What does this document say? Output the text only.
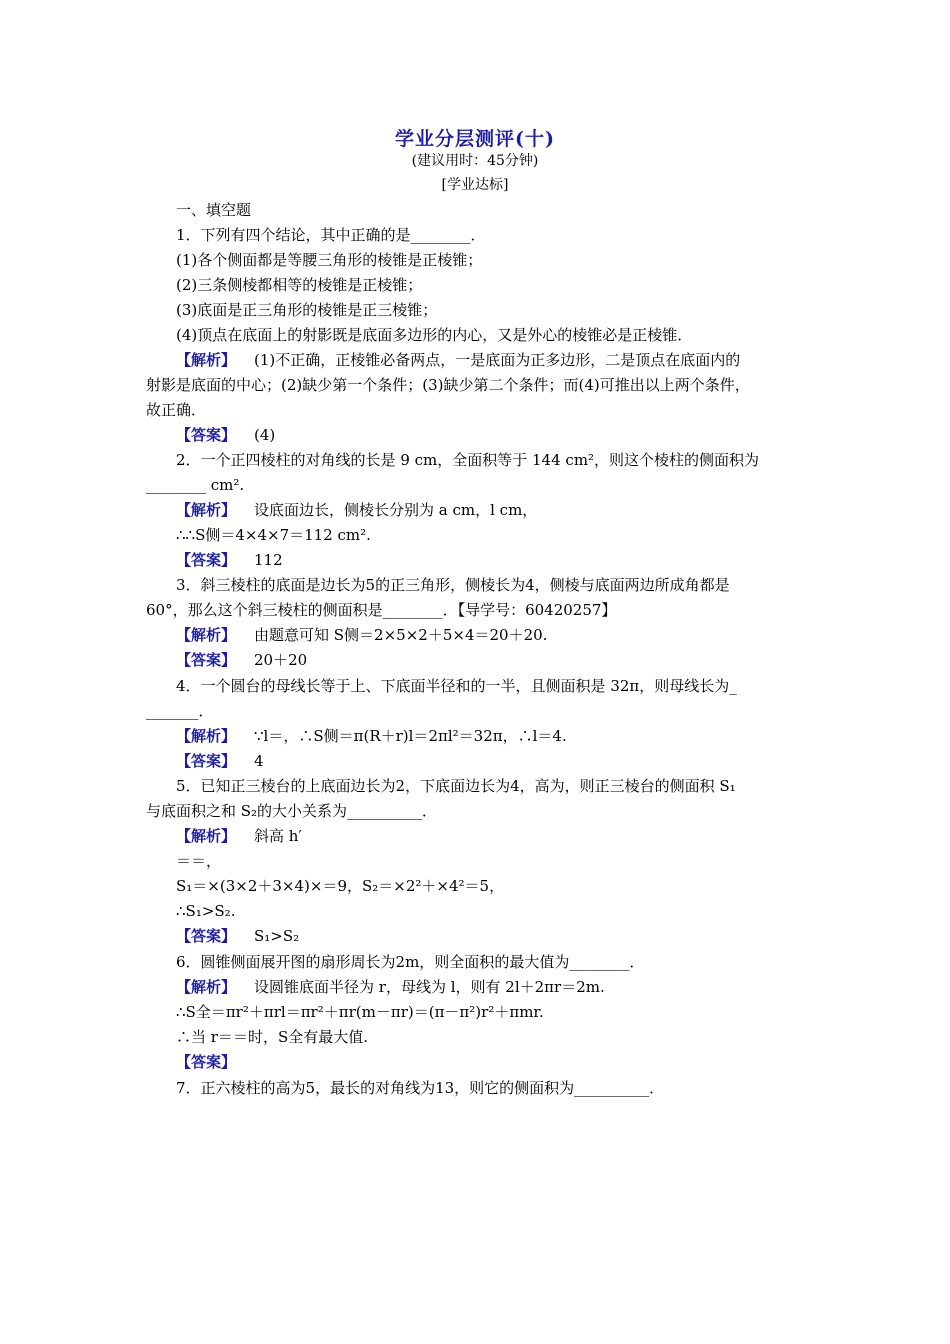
学业分层测评(十)
(建议用时：45分钟)
[学业达标]
一、填空题
1．下列有四个结论，其中正确的是________．
(1)各个侧面都是等腰三角形的棱锥是正棱锥；
(2)三条侧棱都相等的棱锥是正棱锥；
(3)底面是正三角形的棱锥是正三棱锥；
(4)顶点在底面上的射影既是底面多边形的内心，又是外心的棱锥必是正棱锥．
【解析】 (1)不正确，正棱锥必备两点，一是底面为正多边形，二是顶点在底面内的
射影是底面的中心；(2)缺少第一个条件；(3)缺少第二个条件；而(4)可推出以上两个条件，
故正确．
【答案】 (4)
2．一个正四棱柱的对角线的长是 9 cm，全面积等于 144 cm²，则这个棱柱的侧面积为
________ cm².
【解析】 设底面边长，侧棱长分别为 a cm，l cm，
∴∴S侧＝4×4×7＝112 cm².
【答案】 112
3．斜三棱柱的底面是边长为5的正三角形，侧棱长为4，侧棱与底面两边所成角都是
60°，那么这个斜三棱柱的侧面积是________．【导学号：60420257】
【解析】 由题意可知 S侧＝2×5×2＋5×4＝20＋20.
【答案】 20＋20
4．一个圆台的母线长等于上、下底面半径和的一半，且侧面积是 32π，则母线长为_
_______．
【解析】 ∵l＝，∴S侧＝π(R＋r)l＝2πl²＝32π，∴l＝4.
【答案】 4
5．已知正三棱台的上底面边长为2，下底面边长为4，高为，则正三棱台的侧面积 S₁
与底面积之和 S₂的大小关系为__________．
【解析】 斜高 h′
＝＝，
S₁＝×(3×2＋3×4)×＝9，S₂＝×2²＋×4²＝5，
∴S₁>S₂.
【答案】 S₁>S₂
6．圆锥侧面展开图的扇形周长为2m，则全面积的最大值为________．
【解析】 设圆锥底面半径为 r，母线为 l，则有 2l＋2πr＝2m.
∴S全＝πr²＋πrl＝πr²＋πr(m－πr)＝(π－π²)r²＋πmr.
∴当 r＝＝时，S全有最大值.
【答案】
7．正六棱柱的高为5，最长的对角线为13，则它的侧面积为__________．
